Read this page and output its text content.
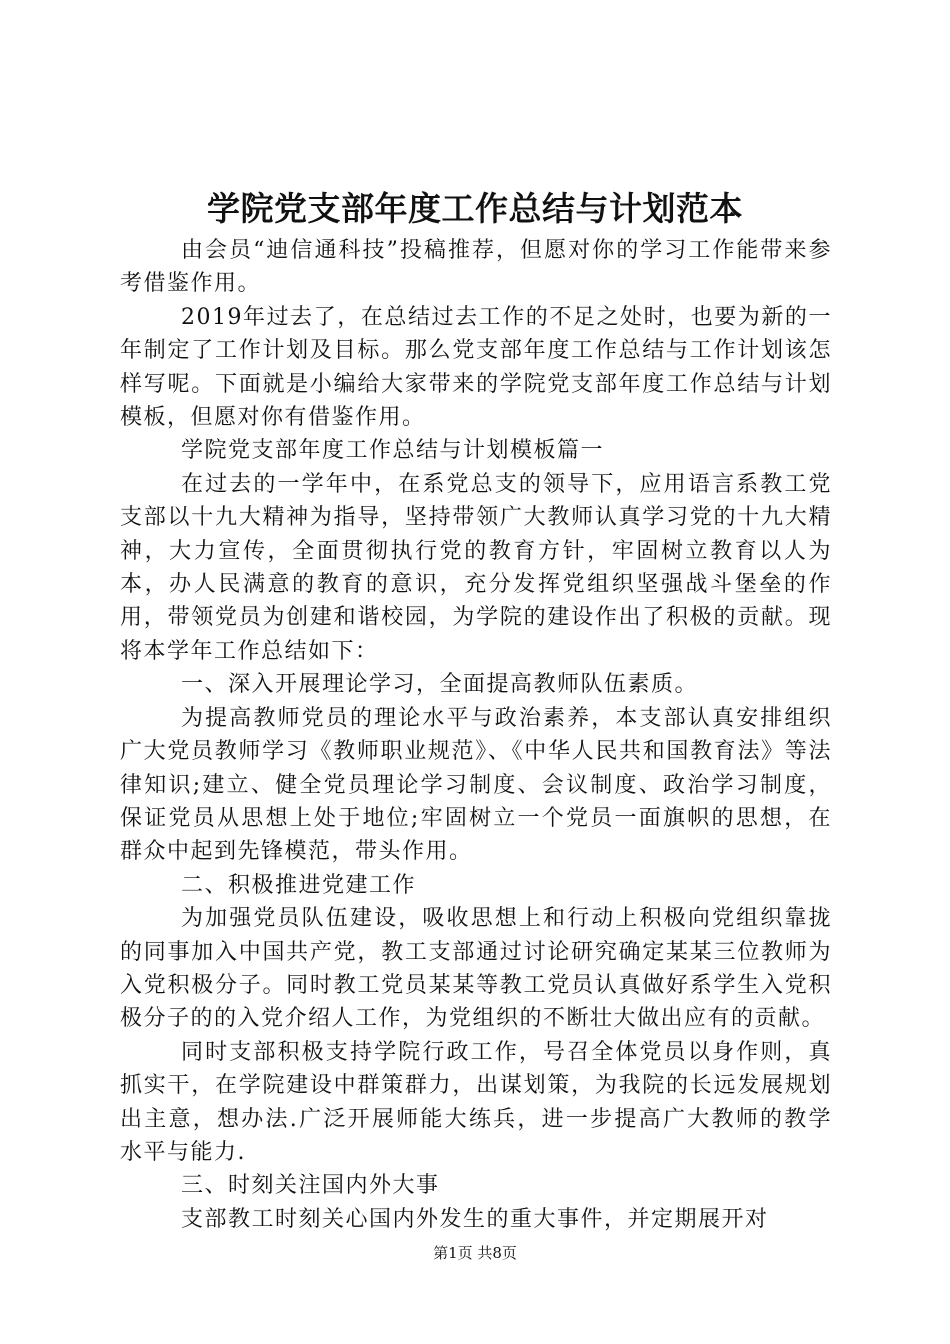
学院党支部年度工作总结与计划范本

由会员“迪信通科技”投稿推荐，但愿对你的学习工作能带来参考借鉴作用。

2019年过去了，在总结过去工作的不足之处时，也要为新的一年制定了工作计划及目标。那么党支部年度工作总结与工作计划该怎样写呢。下面就是小编给大家带来的学院党支部年度工作总结与计划模板，但愿对你有借鉴作用。

学院党支部年度工作总结与计划模板篇一

在过去的一学年中，在系党总支的领导下，应用语言系教工党支部以十九大精神为指导，坚持带领广大教师认真学习党的十九大精神，大力宣传，全面贯彻执行党的教育方针，牢固树立教育以人为本，办人民满意的教育的意识，充分发挥党组织坚强战斗堡垒的作用，带领党员为创建和谐校园，为学院的建设作出了积极的贡献。现将本学年工作总结如下：

一、深入开展理论学习，全面提高教师队伍素质。

为提高教师党员的理论水平与政治素养，本支部认真安排组织广大党员教师学习《教师职业规范》、《中华人民共和国教育法》等法律知识;建立、健全党员理论学习制度、会议制度、政治学习制度，保证党员从思想上处于地位;牢固树立一个党员一面旗帜的思想，在群众中起到先锋模范，带头作用。

二、积极推进党建工作

为加强党员队伍建设，吸收思想上和行动上积极向党组织靠拢的同事加入中国共产党，教工支部通过讨论研究确定某某三位教师为入党积极分子。同时教工党员某某等教工党员认真做好系学生入党积极分子的的入党介绍人工作，为党组织的不断壮大做出应有的贡献。

同时支部积极支持学院行政工作，号召全体党员以身作则，真抓实干，在学院建设中群策群力，出谋划策，为我院的长远发展规划出主意，想办法.广泛开展师能大练兵，进一步提高广大教师的教学水平与能力.

三、时刻关注国内外大事

支部教工时刻关心国内外发生的重大事件，并定期展开对

第1页 共8页
